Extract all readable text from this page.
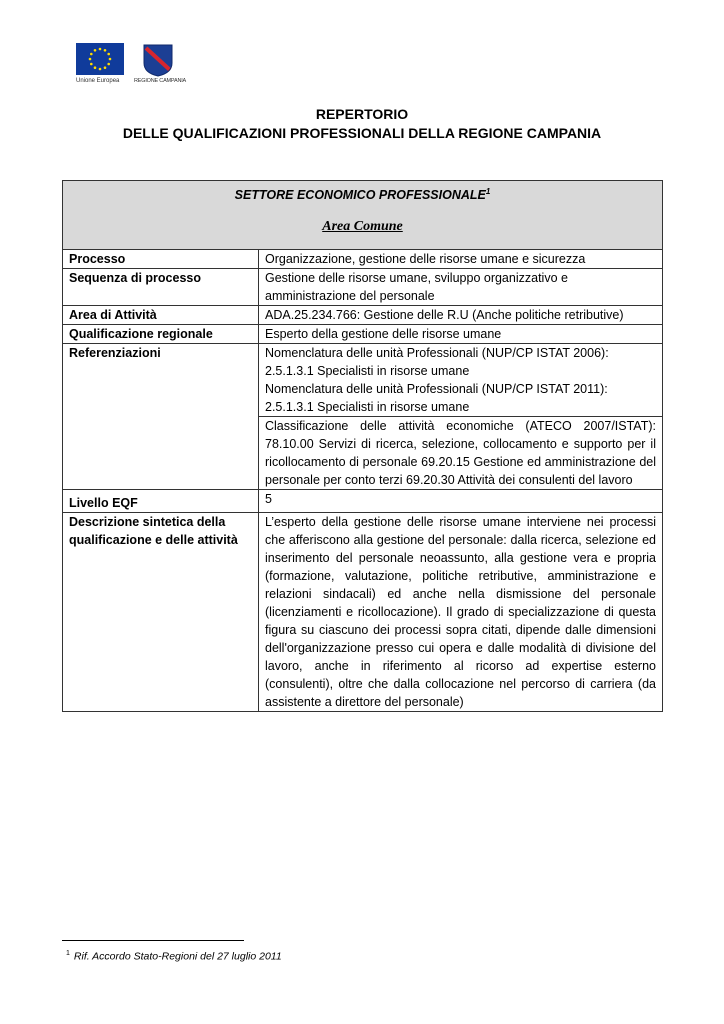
Unione Europea	REGIONE CAMPANIA
REPERTORIO
DELLE QUALIFICAZIONI PROFESSIONALI DELLA REGIONE CAMPANIA
SETTORE ECONOMICO PROFESSIONALE$^1$
Area Comune	
Processo	Organizzazione, gestione delle risorse umane e sicurezza
Sequenza di processo	Gestione delle risorse umane, sviluppo organizzativo e amministrazione del personale
Area di Attività	ADA.25.234.766: Gestione delle R.U (Anche politiche retributive)
Qualificazione regionale	Esperto della gestione delle risorse umane
Referenziazioni	Nomenclatura delle unità Professionali (NUP/CP ISTAT 2006):
2.5.1.3.1 Specialisti in risorse umane
Nomenclatura delle unità Professionali (NUP/CP ISTAT 2011):
2.5.1.3.1 Specialisti in risorse umane

	Classificazione delle attività economiche (ATECO 2007/ISTAT): 78.10.00 Servizi di ricerca, selezione, collocamento e supporto per il ricollocamento di personale 69.20.15 Gestione ed amministrazione del personale per conto terzi 69.20.30 Attività dei consulenti del lavoro
Livello EQF	5
Descrizione sintetica della qualificazione e delle attività	L’esperto della gestione delle risorse umane interviene nei processi che afferiscono alla gestione del personale: dalla ricerca, selezione ed inserimento del personale neoassunto, alla gestione vera e propria (formazione, valutazione, politiche retributive, amministrazione e relazioni sindacali) ed anche nella dismissione del personale (licenziamenti e ricollocazione). Il grado di specializzazione di questa figura su ciascuno dei processi sopra citati, dipende dalle dimensioni dell'organizzazione presso cui opera e dalle modalità di divisione del lavoro, anche in riferimento al ricorso ad expertise esterno (consulenti), oltre che dalla collocazione nel percorso di carriera (da assistente a direttore del personale)
$^1$ Rif. Accordo Stato-Regioni del 27 luglio 2011
